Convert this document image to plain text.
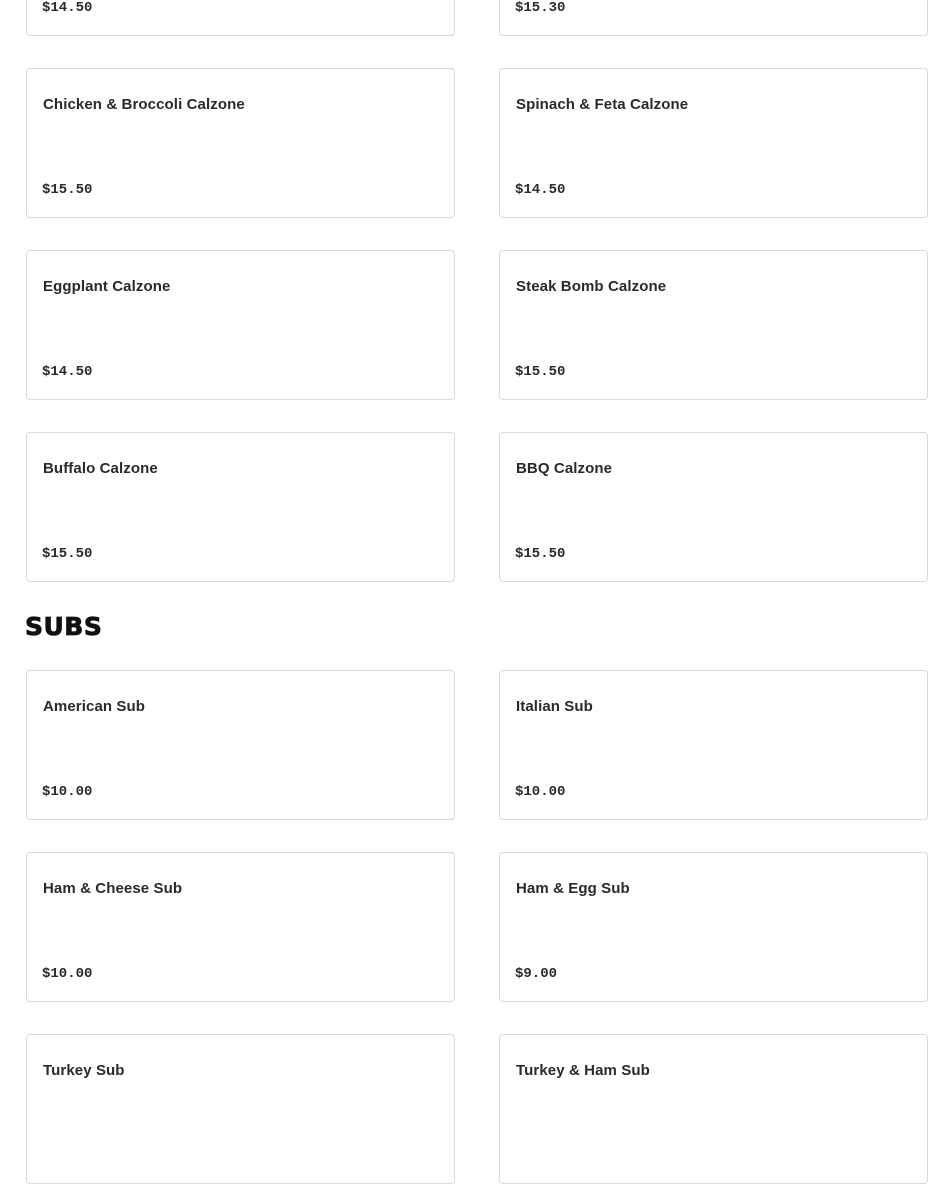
$14.50	$15.30
Chicken & Broccoli Calzone
$15.50
Spinach & Feta Calzone
$14.50
Eggplant Calzone
$14.50
Steak Bomb Calzone
$15.50
Buffalo Calzone
$15.50
BBQ Calzone
$15.50
SUBS
American Sub
$10.00
Italian Sub
$10.00
Ham & Cheese Sub
$10.00
Ham & Egg Sub
$9.00
Turkey Sub	Turkey & Ham Sub
